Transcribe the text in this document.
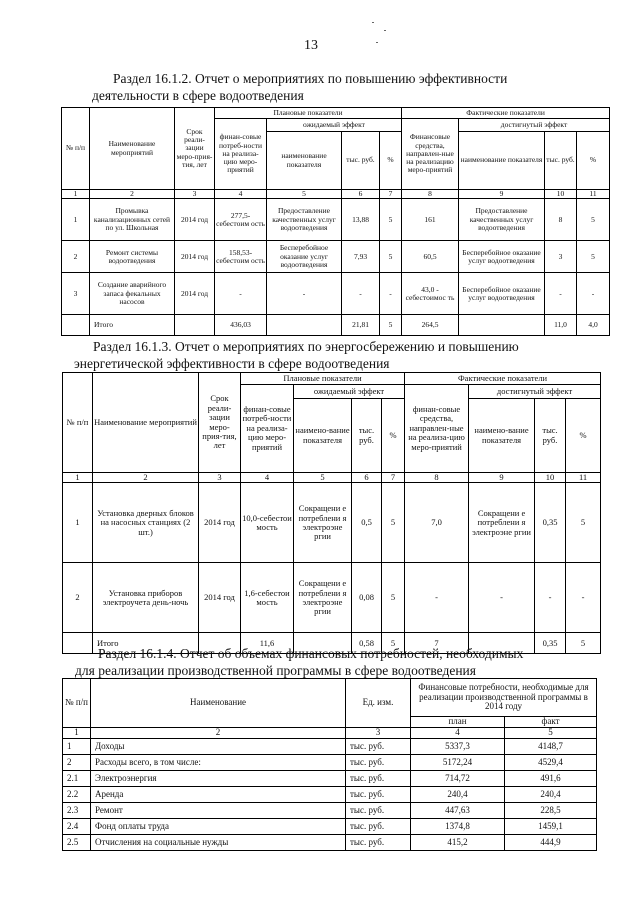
13
Раздел 16.1.2. Отчет о мероприятиях по повышению эффективности
деятельности в сфере водоотведения
№ п/п	Наименование мероприятий	Срок реали-зации меро-прия-тия, лет	Плановые показатели				Фактические показатели			
			финан-совые потреб-ности на реализа-цию меро-приятий	ожидаемый эффект			Финансовые средства, направлен-ные на реализацию меро-приятий	достигнутый эффект		
				наименование показателя	тыс. руб.	%		наименование показателя	тыс. руб.	%
1	2	3	4	5	6	7	8	9	10	11
1	Промывка канализационных сетей по ул. Школьная	2014 год	277,5-себестоим ость	Предоставление качественных услуг водоотведения	13,88	5	161	Предоставление качественных услуг водоотведения	8	5
2	Ремонт системы водоотведения	2014 год	158,53-себестоим ость	Бесперебойное оказание услуг водоотведения	7,93	5	60,5	Бесперебойное оказание услуг водоотведения	3	5
3	Создание аварийного запаса фекальных насосов	2014 год	-	-	-	-	43,0 - себестоимос ть	Бесперебойное оказание услуг водоотведения	-	-
	Итого		436,03		21,81	5	264,5		11,0	4,0
Раздел 16.1.3. Отчет о мероприятиях по энергосбережению и повышению
энергетической эффективности в сфере водоотведения
№ п/п	Наименование мероприятий	Срок реали-зации меро-прия-тия, лет	Плановые показатели				Фактические показатели			
			финан-совые потреб-ности на реализа-цию меро-приятий	ожидаемый эффект			финан-совые средства, направлен-ные на реализа-цию меро-приятий	достигнутый эффект		
				наимено-вание показателя	тыс. руб.	%		наимено-вание показателя	тыс. руб.	%
1	2	3	4	5	6	7	8	9	10	11
1	Установка дверных блоков на насосных станциях (2 шт.)	2014 год	10,0-себестои мость	Сокращени е потреблени я электроэне ргии	0,5	5	7,0	Сокращени е потреблени я электроэне ргии	0,35	5
2	Установка приборов электроучета день-ночь	2014 год	1,6-себестои мость	Сокращени е потреблени я электроэне ргии	0,08	5	-	-	-	-
	Итого		11,6		0,58	5	7		0,35	5
Раздел 16.1.4. Отчет об объемах финансовых потребностей, необходимых
для реализации производственной программы в сфере водоотведения
№ п/п	Наименование	Ед. изм.	Финансовые потребности, необходимые для реализации производственной программы в 2014 году	
			план	факт
1	2	3	4	5
1	Доходы	тыс. руб.	5337,3	4148,7
2	Расходы всего, в том числе:	тыс. руб.	5172,24	4529,4
2.1	Электроэнергия	тыс. руб.	714,72	491,6
2.2	Аренда	тыс. руб.	240,4	240,4
2.3	Ремонт	тыс. руб.	447,63	228,5
2.4	Фонд оплаты труда	тыс. руб.	1374,8	1459,1
2.5	Отчисления на социальные нужды	тыс. руб.	415,2	444,9
